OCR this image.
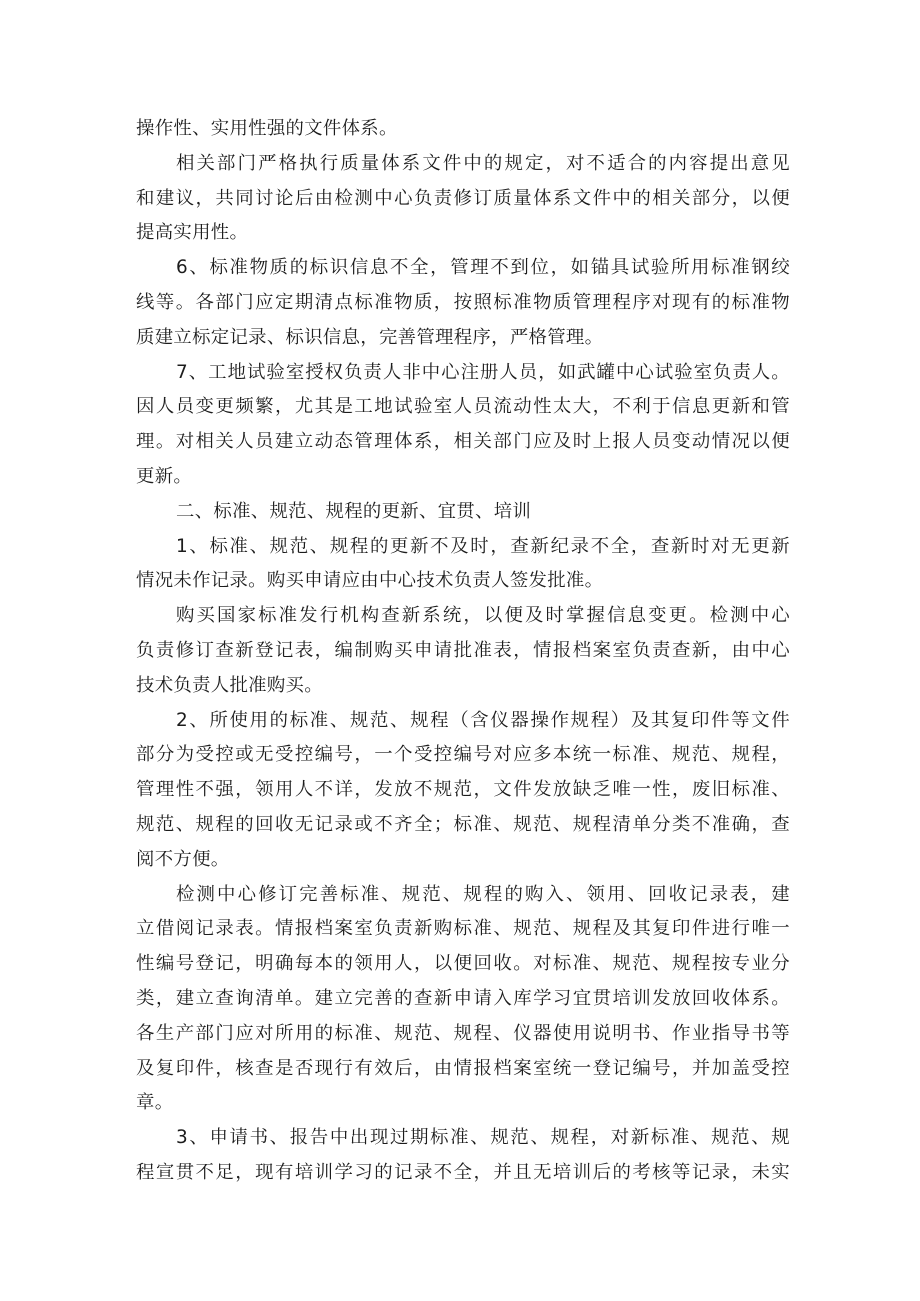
操作性、实用性强的文件体系。
相关部门严格执行质量体系文件中的规定，对不适合的内容提出意见
和建议，共同讨论后由检测中心负责修订质量体系文件中的相关部分，以便
提高实用性。
6、标准物质的标识信息不全，管理不到位，如锚具试验所用标准钢绞
线等。各部门应定期清点标准物质，按照标准物质管理程序对现有的标准物
质建立标定记录、标识信息，完善管理程序，严格管理。
7、工地试验室授权负责人非中心注册人员，如武罐中心试验室负责人。
因人员变更频繁，尤其是工地试验室人员流动性太大，不利于信息更新和管
理。对相关人员建立动态管理体系，相关部门应及时上报人员变动情况以便
更新。
二、标准、规范、规程的更新、宜贯、培训
1、标准、规范、规程的更新不及时，查新纪录不全，查新时对无更新
情况未作记录。购买申请应由中心技术负责人签发批准。
购买国家标准发行机构查新系统，以便及时掌握信息变更。检测中心
负责修订查新登记表，编制购买申请批准表，情报档案室负责查新，由中心
技术负责人批准购买。
2、所使用的标准、规范、规程（含仪器操作规程）及其复印件等文件
部分为受控或无受控编号，一个受控编号对应多本统一标准、规范、规程，
管理性不强，领用人不详，发放不规范，文件发放缺乏唯一性，废旧标准、
规范、规程的回收无记录或不齐全；标准、规范、规程清单分类不准确，查
阅不方便。
检测中心修订完善标准、规范、规程的购入、领用、回收记录表，建
立借阅记录表。情报档案室负责新购标准、规范、规程及其复印件进行唯一
性编号登记，明确每本的领用人，以便回收。对标准、规范、规程按专业分
类，建立查询清单。建立完善的查新申请入库学习宜贯培训发放回收体系。
各生产部门应对所用的标准、规范、规程、仪器使用说明书、作业指导书等
及复印件，核查是否现行有效后，由情报档案室统一登记编号，并加盖受控
章。
3、申请书、报告中出现过期标准、规范、规程，对新标准、规范、规
程宣贯不足，现有培训学习的记录不全，并且无培训后的考核等记录，未实
